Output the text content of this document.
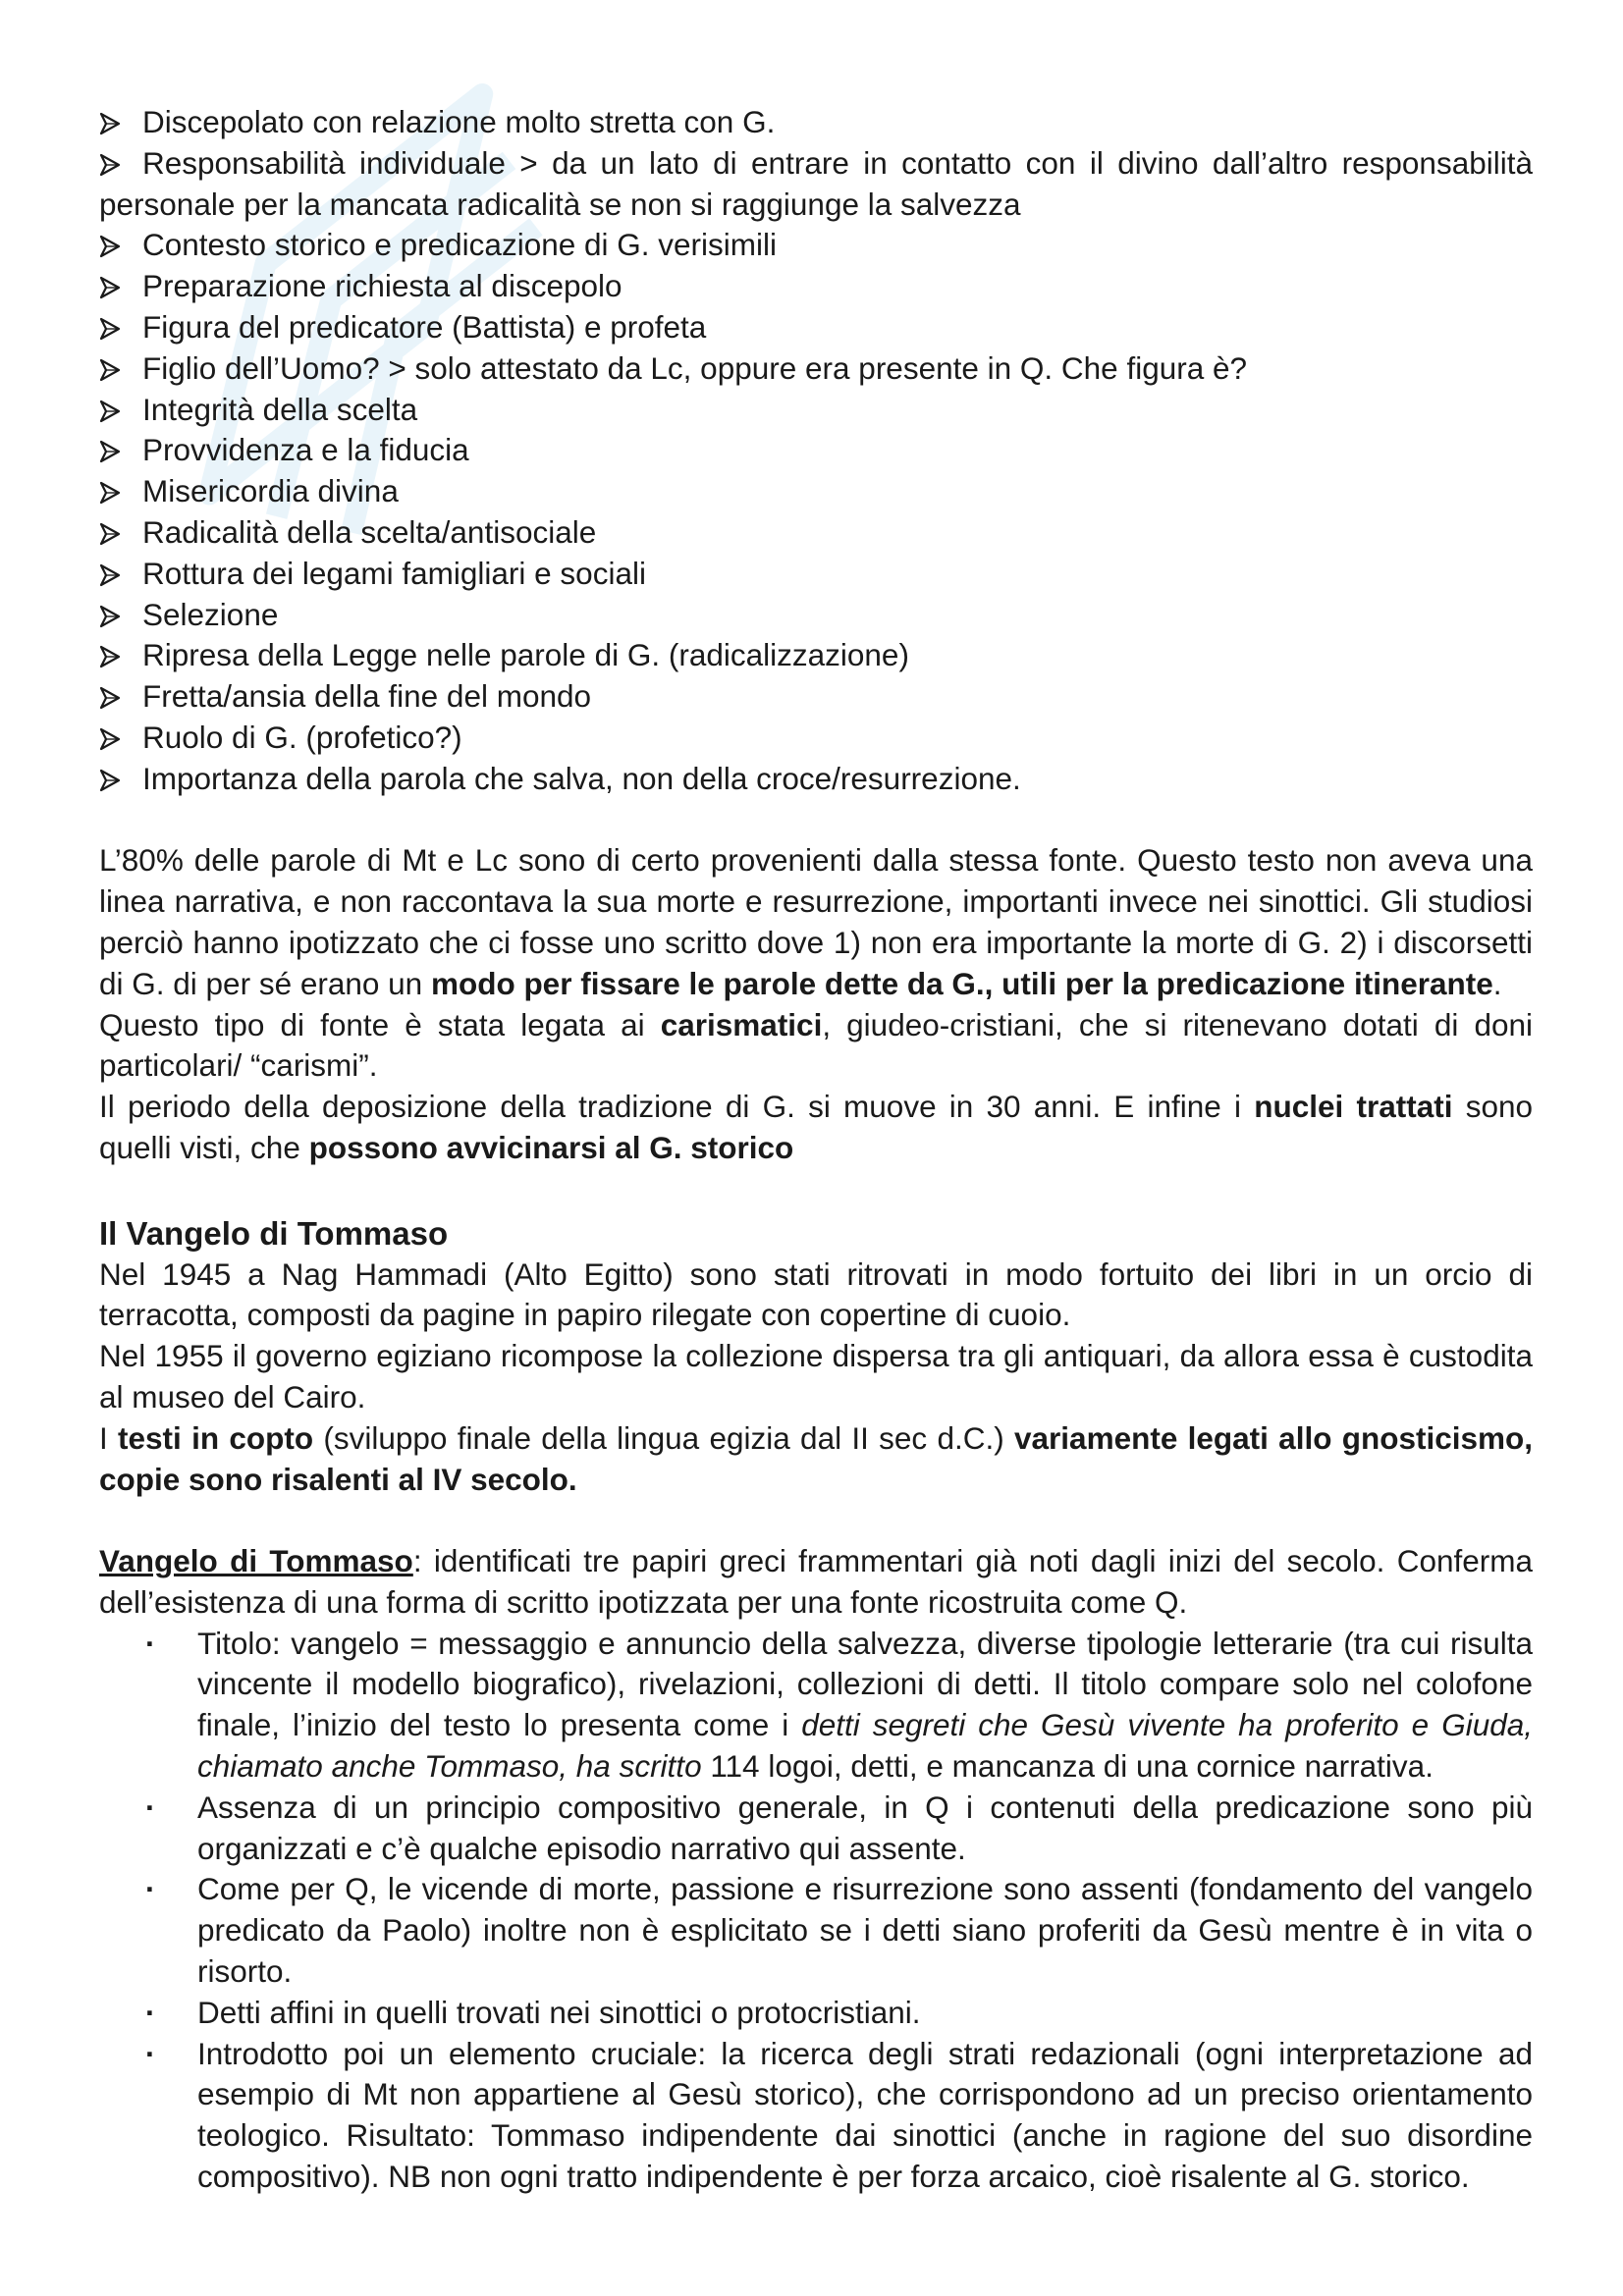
Discepolato con relazione molto stretta con G.
Responsabilità individuale > da un lato di entrare in contatto con il divino dall’altro responsabilità personale per la mancata radicalità se non si raggiunge la salvezza
Contesto storico e predicazione di G. verisimili
Preparazione richiesta al discepolo
Figura del predicatore (Battista) e profeta
Figlio dell’Uomo? > solo attestato da Lc, oppure era presente in Q. Che figura è?
Integrità della scelta
Provvidenza e la fiducia
Misericordia divina
Radicalità della scelta/antisociale
Rottura dei legami famigliari e sociali
Selezione
Ripresa della Legge nelle parole di G. (radicalizzazione)
Fretta/ansia della fine del mondo
Ruolo di G. (profetico?)
Importanza della parola che salva, non della croce/resurrezione.

L’80% delle parole di Mt e Lc sono di certo provenienti dalla stessa fonte. Questo testo non aveva una linea narrativa, e non raccontava la sua morte e resurrezione, importanti invece nei sinottici. Gli studiosi perciò hanno ipotizzato che ci fosse uno scritto dove 1) non era importante la morte di G. 2) i discorsetti di G. di per sé erano un modo per fissare le parole dette da G., utili per la predicazione itinerante.

Questo tipo di fonte è stata legata ai carismatici, giudeo-cristiani, che si ritenevano dotati di doni particolari/ “carismi”.

Il periodo della deposizione della tradizione di G. si muove in 30 anni. E infine i nuclei trattati sono quelli visti, che possono avvicinarsi al G. storico

Il Vangelo di Tommaso

Nel 1945 a Nag Hammadi (Alto Egitto) sono stati ritrovati in modo fortuito dei libri in un orcio di terracotta, composti da pagine in papiro rilegate con copertine di cuoio.

Nel 1955 il governo egiziano ricompose la collezione dispersa tra gli antiquari, da allora essa è custodita al museo del Cairo.

I testi in copto (sviluppo finale della lingua egizia dal II sec d.C.) variamente legati allo gnosticismo, copie sono risalenti al IV secolo.

Vangelo di Tommaso: identificati tre papiri greci frammentari già noti dagli inizi del secolo. Conferma dell’esistenza di una forma di scritto ipotizzata per una fonte ricostruita come Q.

· Titolo: vangelo = messaggio e annuncio della salvezza, diverse tipologie letterarie (tra cui risulta vincente il modello biografico), rivelazioni, collezioni di detti. Il titolo compare solo nel colofone finale, l’inizio del testo lo presenta come i detti segreti che Gesù vivente ha proferito e Giuda, chiamato anche Tommaso, ha scritto 114 logoi, detti, e mancanza di una cornice narrativa.
· Assenza di un principio compositivo generale, in Q i contenuti della predicazione sono più organizzati e c’è qualche episodio narrativo qui assente.
· Come per Q, le vicende di morte, passione e risurrezione sono assenti (fondamento del vangelo predicato da Paolo) inoltre non è esplicitato se i detti siano proferiti da Gesù mentre è in vita o risorto.
· Detti affini in quelli trovati nei sinottici o protocristiani.
· Introdotto poi un elemento cruciale: la ricerca degli strati redazionali (ogni interpretazione ad esempio di Mt non appartiene al Gesù storico), che corrispondono ad un preciso orientamento teologico. Risultato: Tommaso indipendente dai sinottici (anche in ragione del suo disordine compositivo). NB non ogni tratto indipendente è per forza arcaico, cioè risalente al G. storico.
